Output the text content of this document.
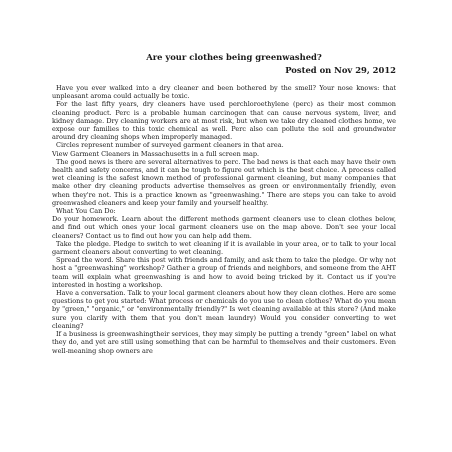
Are your clothes being greenwashed?
Posted on Nov 29, 2012

Have you ever walked into a dry cleaner and been bothered by the smell? Your nose knows: that unpleasant aroma could actually be toxic.

For the last fifty years, dry cleaners have used perchloroethylene (perc) as their most common cleaning product. Perc is a probable human carcinogen that can cause nervous system, liver, and kidney damage. Dry cleaning workers are at most risk, but when we take dry cleaned clothes home, we expose our families to this toxic chemical as well. Perc also can pollute the soil and groundwater around dry cleaning shops when improperly managed.

Circles represent number of surveyed garment cleaners in that area.

View Garment Cleaners in Massachusetts in a full screen map.

The good news is there are several alternatives to perc. The bad news is that each may have their own health and safety concerns, and it can be tough to figure out which is the best choice. A process called wet cleaning is the safest known method of professional garment cleaning, but many companies that make other dry cleaning products advertise themselves as green or environmentally friendly, even when they're not. This is a practice known as "greenwashing." There are steps you can take to avoid greenwashed cleaners and keep your family and yourself healthy.

What You Can Do:

Do your homework. Learn about the different methods garment cleaners use to clean clothes below, and find out which ones your local garment cleaners use on the map above. Don't see your local cleaners? Contact us to find out how you can help add them.

Take the pledge. Pledge to switch to wet cleaning if it is available in your area, or to talk to your local garment cleaners about converting to wet cleaning.

Spread the word. Share this post with friends and family, and ask them to take the pledge. Or why not host a "greenwashing" workshop? Gather a group of friends and neighbors, and someone from the AHT team will explain what greenwashing is and how to avoid being tricked by it. Contact us if you're interested in hosting a workshop.

Have a conversation. Talk to your local garment cleaners about how they clean clothes. Here are some questions to get you started: What process or chemicals do you use to clean clothes? What do you mean by "green," "organic," or "environmentally friendly?" Is wet cleaning available at this store? (And make sure you clarify with them that you don't mean laundry) Would you consider converting to wet cleaning?

If a business is greenwashingtheir services, they may simply be putting a trendy "green" label on what they do, and yet are still using something that can be harmful to themselves and their customers. Even well-meaning shop owners are
